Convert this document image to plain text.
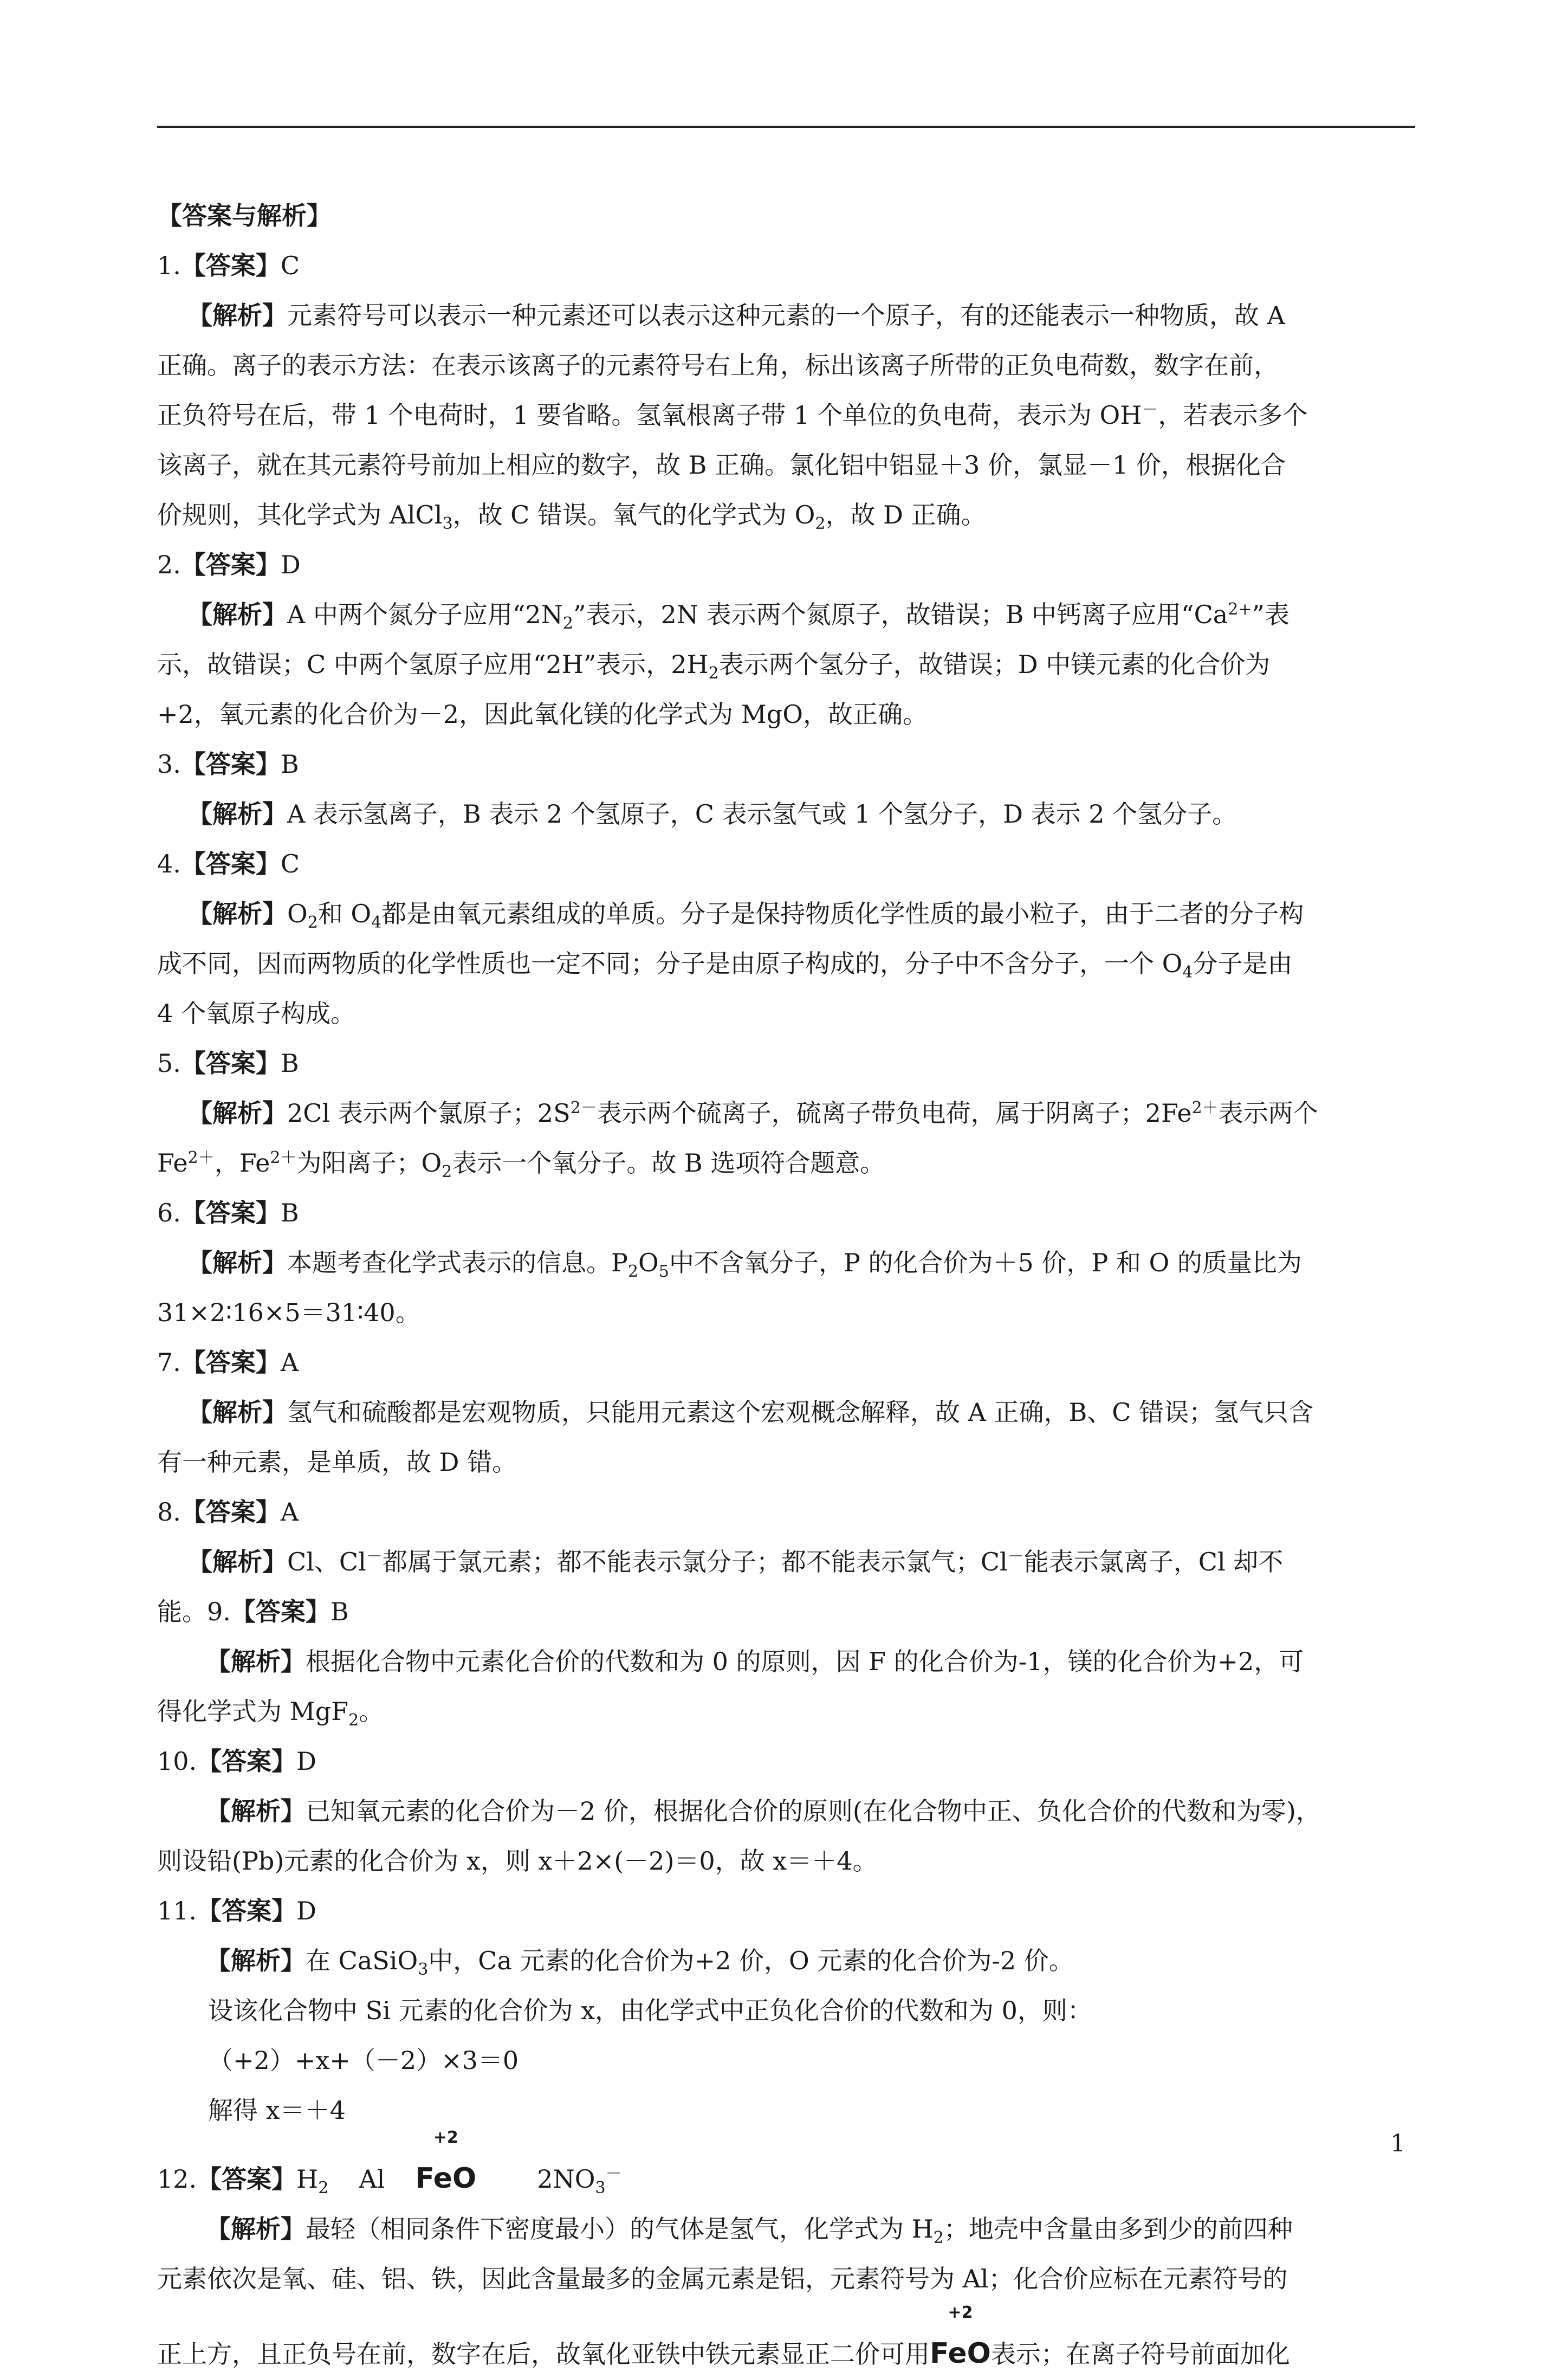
【答案与解析】
1.【答案】C
【解析】元素符号可以表示一种元素还可以表示这种元素的一个原子，有的还能表示一种物质，故 A
正确。离子的表示方法：在表示该离子的元素符号右上角，标出该离子所带的正负电荷数，数字在前，
正负符号在后，带 1 个电荷时，1 要省略。氢氧根离子带 1 个单位的负电荷，表示为 OH－，若表示多个
该离子，就在其元素符号前加上相应的数字，故 B 正确。氯化铝中铝显＋3 价，氯显－1 价，根据化合
价规则，其化学式为 AlCl$_3$，故 C 错误。氧气的化学式为 $O_2$，故 D 正确。
2.【答案】D
【解析】A 中两个氮分子应用“$2N_2$”表示，2N 表示两个氮原子，故错误；B 中钙离子应用“$Ca^{2+}$”表
示，故错误；C 中两个氢原子应用“2H”表示，$2H_2$表示两个氢分子，故错误；D 中镁元素的化合价为
+2，氧元素的化合价为－2，因此氧化镁的化学式为 MgO，故正确。
3.【答案】B
【解析】A 表示氢离子，B 表示 2 个氢原子，C 表示氢气或 1 个氢分子，D 表示 2 个氢分子。
4.【答案】C
【解析】$O_2$和 $O_4$都是由氧元素组成的单质。分子是保持物质化学性质的最小粒子，由于二者的分子构
成不同，因而两物质的化学性质也一定不同；分子是由原子构成的，分子中不含分子，一个 $O_4$分子是由
4 个氧原子构成。
5.【答案】B
【解析】2Cl 表示两个氯原子；$2S^{2-}$表示两个硫离子，硫离子带负电荷，属于阴离子；$2Fe^{2+}$表示两个
$Fe^{2+}$，$Fe^{2+}$为阳离子；$O_2$表示一个氧分子。故 B 选项符合题意。
6.【答案】B
【解析】本题考查化学式表示的信息。$P_2O_5$中不含氧分子，P 的化合价为＋5 价，P 和 O 的质量比为
31×2∶16×5＝31∶40。
7.【答案】A
【解析】氢气和硫酸都是宏观物质，只能用元素这个宏观概念解释，故 A 正确，B、C 错误；氢气只含
有一种元素，是单质，故 D 错。
8.【答案】A
【解析】Cl、Cl－都属于氯元素；都不能表示氯分子；都不能表示氯气；Cl－能表示氯离子，Cl 却不
能。9.【答案】B
【解析】根据化合物中元素化合价的代数和为 0 的原则，因 F 的化合价为-1，镁的化合价为+2，可
得化学式为 MgF$_2$。
10.【答案】D
【解析】已知氧元素的化合价为－2 价，根据化合价的原则(在化合物中正、负化合价的代数和为零)，
则设铅(Pb)元素的化合价为 x，则 x＋2×(－2)＝0，故 x＝＋4。
11.【答案】D
【解析】在 CaSiO$_3$中，Ca 元素的化合价为+2 价，O 元素的化合价为-2 价。
设该化合物中 Si 元素的化合价为 x，由化学式中正负化合价的代数和为 0，则：
（+2）+x+（－2）×3＝0
解得 x＝＋4
12.【答案】$H_2$ Al
+2
FeO $2NO_3^-$
【解析】最轻（相同条件下密度最小）的气体是氢气，化学式为 $H_2$；地壳中含量由多到少的前四种
元素依次是氧、硅、铝、铁，因此含量最多的金属元素是铝，元素符号为 Al；化合价应标在元素符号的
正上方，且正负号在前，数字在后，故氧化亚铁中铁元素显正二价可用
+2
FeO表示；在离子符号前面加化
1
